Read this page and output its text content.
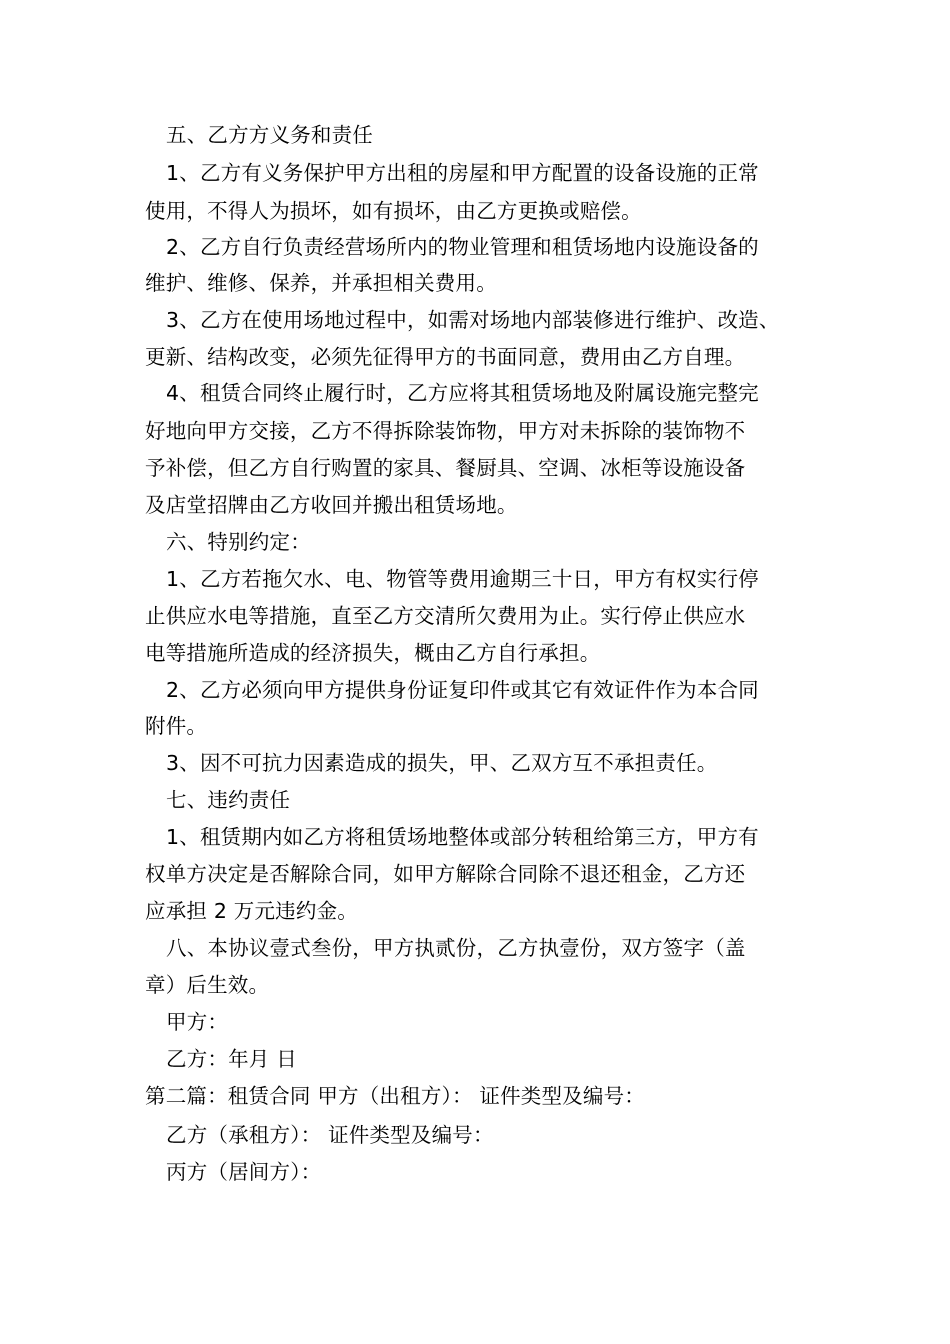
五、乙方方义务和责任
1、乙方有义务保护甲方出租的房屋和甲方配置的设备设施的正常
使用，不得人为损坏，如有损坏，由乙方更换或赔偿。
2、乙方自行负责经营场所内的物业管理和租赁场地内设施设备的
维护、维修、保养，并承担相关费用。
3、乙方在使用场地过程中，如需对场地内部装修进行维护、改造、
更新、结构改变，必须先征得甲方的书面同意，费用由乙方自理。
4、租赁合同终止履行时，乙方应将其租赁场地及附属设施完整完
好地向甲方交接，乙方不得拆除装饰物，甲方对未拆除的装饰物不
予补偿，但乙方自行购置的家具、餐厨具、空调、冰柜等设施设备
及店堂招牌由乙方收回并搬出租赁场地。
六、特别约定：
1、乙方若拖欠水、电、物管等费用逾期三十日，甲方有权实行停
止供应水电等措施，直至乙方交清所欠费用为止。实行停止供应水
电等措施所造成的经济损失，概由乙方自行承担。
2、乙方必须向甲方提供身份证复印件或其它有效证件作为本合同
附件。
3、因不可抗力因素造成的损失，甲、乙双方互不承担责任。
七、违约责任
1、租赁期内如乙方将租赁场地整体或部分转租给第三方，甲方有
权单方决定是否解除合同，如甲方解除合同除不退还租金，乙方还
应承担 2 万元违约金。
八、本协议壹式叁份，甲方执贰份，乙方执壹份，双方签字（盖
章）后生效。
甲方：
乙方：年月 日
第二篇：租赁合同 甲方（出租方）： 证件类型及编号：
乙方（承租方）： 证件类型及编号：
丙方（居间方）：
